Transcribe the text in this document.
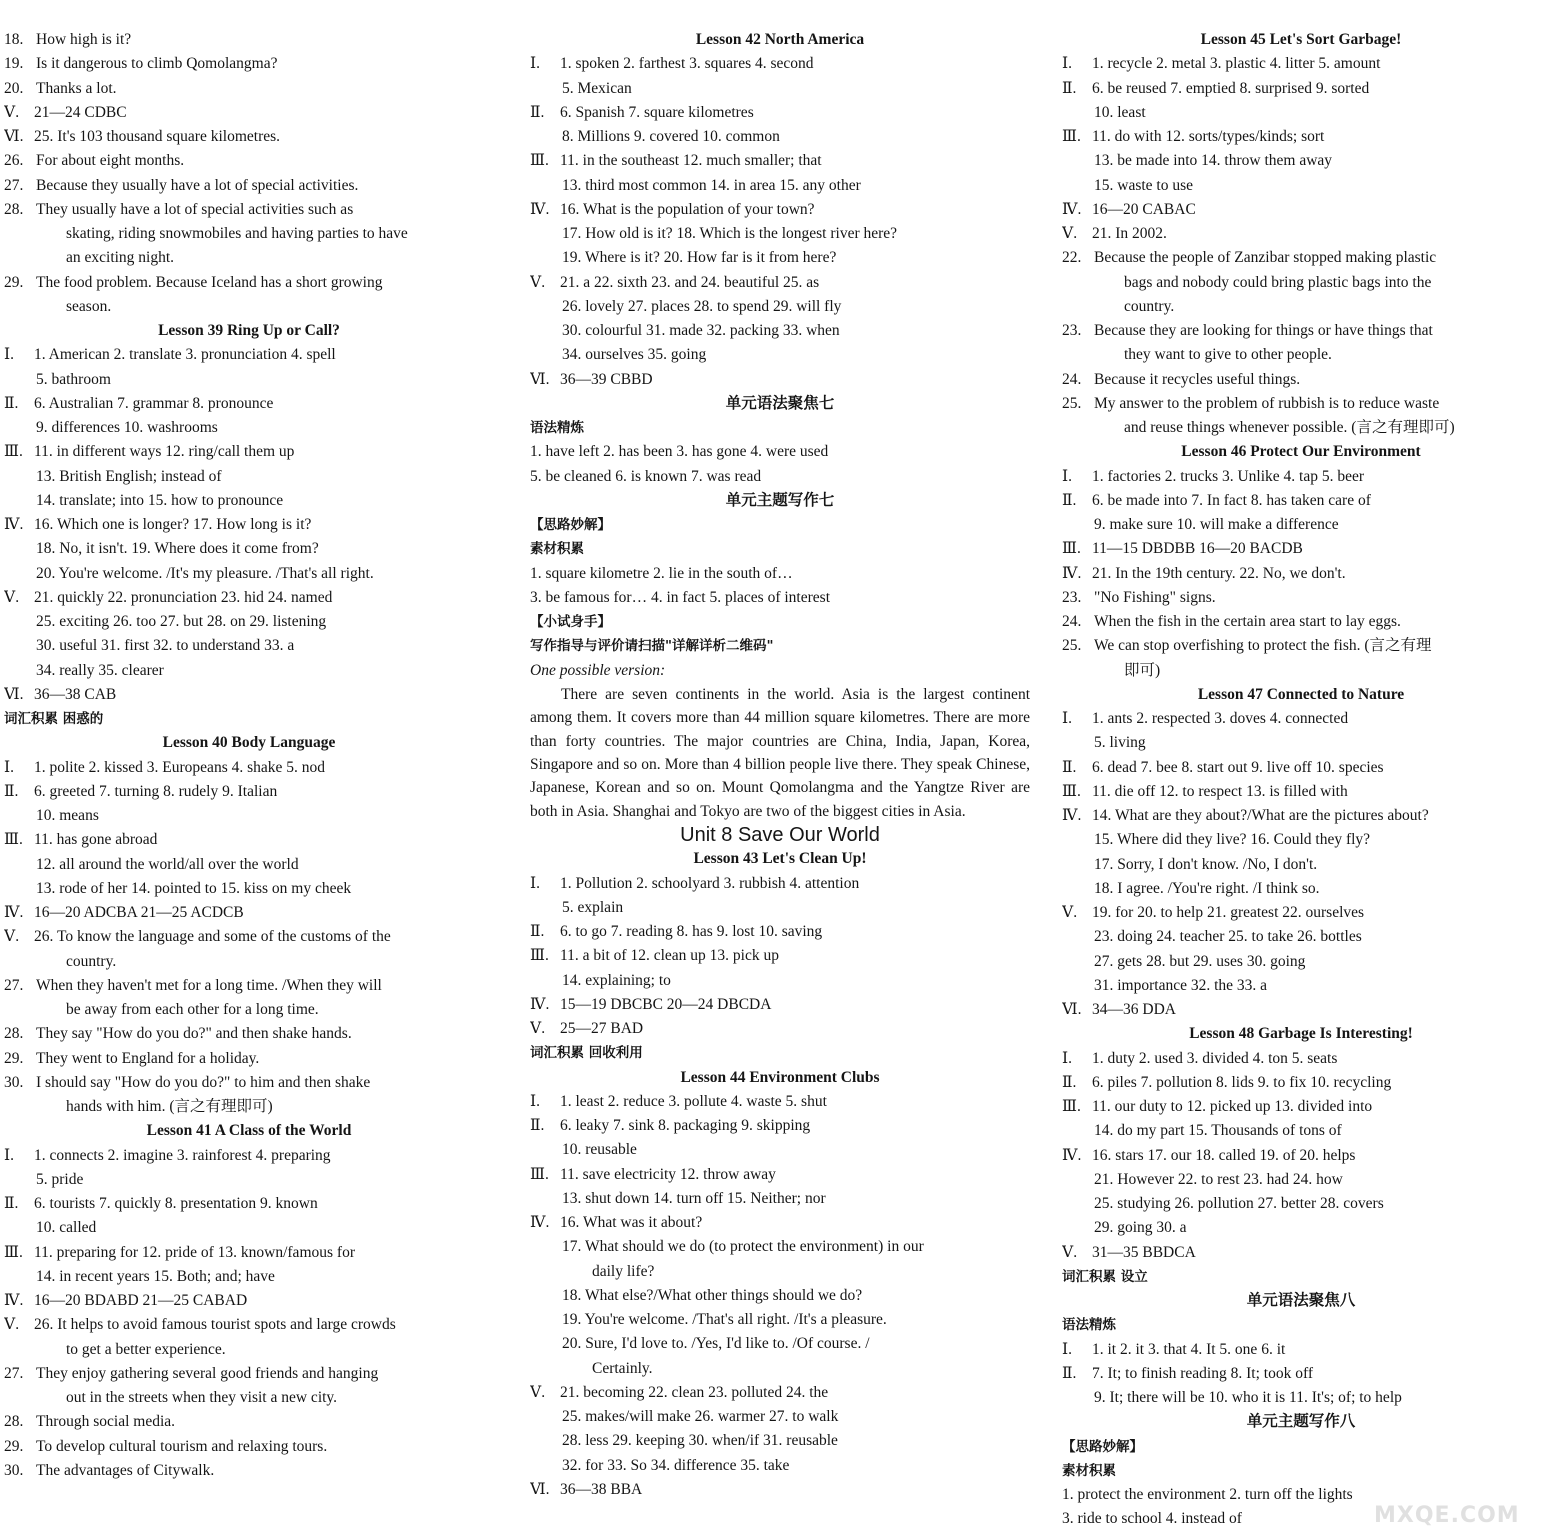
18. How high is it?
19. Is it dangerous to climb Qomolangma?
20. Thanks a lot.
Ⅴ. 21—24 CDBC
Ⅵ. 25. It's 103 thousand square kilometres.
26. For about eight months.
27. Because they usually have a lot of special activities.
28. They usually have a lot of special activities such as
skating, riding snowmobiles and having parties to have
an exciting night.
29. The food problem. Because Iceland has a short growing
season.
Lesson 39 Ring Up or Call?
Ⅰ. 1. American 2. translate 3. pronunciation 4. spell
5. bathroom
Ⅱ. 6. Australian 7. grammar 8. pronounce
9. differences 10. washrooms
Ⅲ. 11. in different ways 12. ring/call them up
13. British English; instead of
14. translate; into 15. how to pronounce
Ⅳ. 16. Which one is longer? 17. How long is it?
18. No, it isn't. 19. Where does it come from?
20. You're welcome. /It's my pleasure. /That's all right.
Ⅴ. 21. quickly 22. pronunciation 23. hid 24. named
25. exciting 26. too 27. but 28. on 29. listening
30. useful 31. first 32. to understand 33. a
34. really 35. clearer
Ⅵ. 36—38 CAB
词汇积累 困惑的
Lesson 40 Body Language
Ⅰ. 1. polite 2. kissed 3. Europeans 4. shake 5. nod
Ⅱ. 6. greeted 7. turning 8. rudely 9. Italian
10. means
Ⅲ. 11. has gone abroad
12. all around the world/all over the world
13. rode of her 14. pointed to 15. kiss on my cheek
Ⅳ. 16—20 ADCBA 21—25 ACDCB
Ⅴ. 26. To know the language and some of the customs of the
country.
27. When they haven't met for a long time. /When they will
be away from each other for a long time.
28. They say "How do you do?" and then shake hands.
29. They went to England for a holiday.
30. I should say "How do you do?" to him and then shake
hands with him. (言之有理即可)
Lesson 41 A Class of the World
Ⅰ. 1. connects 2. imagine 3. rainforest 4. preparing
5. pride
Ⅱ. 6. tourists 7. quickly 8. presentation 9. known
10. called
Ⅲ. 11. preparing for 12. pride of 13. known/famous for
14. in recent years 15. Both; and; have
Ⅳ. 16—20 BDABD 21—25 CABAD
Ⅴ. 26. It helps to avoid famous tourist spots and large crowds
to get a better experience.
27. They enjoy gathering several good friends and hanging
out in the streets when they visit a new city.
28. Through social media.
29. To develop cultural tourism and relaxing tours.
30. The advantages of Citywalk.
Lesson 42 North America
Ⅰ. 1. spoken 2. farthest 3. squares 4. second
5. Mexican
Ⅱ. 6. Spanish 7. square kilometres
8. Millions 9. covered 10. common
Ⅲ. 11. in the southeast 12. much smaller; that
13. third most common 14. in area 15. any other
Ⅳ. 16. What is the population of your town?
17. How old is it? 18. Which is the longest river here?
19. Where is it? 20. How far is it from here?
Ⅴ. 21. a 22. sixth 23. and 24. beautiful 25. as
26. lovely 27. places 28. to spend 29. will fly
30. colourful 31. made 32. packing 33. when
34. ourselves 35. going
Ⅵ. 36—39 CBBD
单元语法聚焦七
语法精炼
1. have left 2. has been 3. has gone 4. were used
5. be cleaned 6. is known 7. was read
单元主题写作七
【思路妙解】
素材积累
1. square kilometre 2. lie in the south of…
3. be famous for… 4. in fact 5. places of interest
【小试身手】
写作指导与评价请扫描"详解详析二维码"
One possible version:
There are seven continents in the world. Asia is the largest continent among them. It covers more than 44 million square kilometres. There are more than forty countries. The major countries are China, India, Japan, Korea, Singapore and so on. More than 4 billion people live there. They speak Chinese, Japanese, Korean and so on. Mount Qomolangma and the Yangtze River are both in Asia. Shanghai and Tokyo are two of the biggest cities in Asia.
Unit 8 Save Our World
Lesson 43 Let's Clean Up!
Ⅰ. 1. Pollution 2. schoolyard 3. rubbish 4. attention
5. explain
Ⅱ. 6. to go 7. reading 8. has 9. lost 10. saving
Ⅲ. 11. a bit of 12. clean up 13. pick up
14. explaining; to
Ⅳ. 15—19 DBCBC 20—24 DBCDA
Ⅴ. 25—27 BAD
词汇积累 回收利用
Lesson 44 Environment Clubs
Ⅰ. 1. least 2. reduce 3. pollute 4. waste 5. shut
Ⅱ. 6. leaky 7. sink 8. packaging 9. skipping
10. reusable
Ⅲ. 11. save electricity 12. throw away
13. shut down 14. turn off 15. Neither; nor
Ⅳ. 16. What was it about?
17. What should we do (to protect the environment) in our
daily life?
18. What else?/What other things should we do?
19. You're welcome. /That's all right. /It's a pleasure.
20. Sure, I'd love to. /Yes, I'd like to. /Of course. /
Certainly.
Ⅴ. 21. becoming 22. clean 23. polluted 24. the
25. makes/will make 26. warmer 27. to walk
28. less 29. keeping 30. when/if 31. reusable
32. for 33. So 34. difference 35. take
Ⅵ. 36—38 BBA
Lesson 45 Let's Sort Garbage!
Ⅰ. 1. recycle 2. metal 3. plastic 4. litter 5. amount
Ⅱ. 6. be reused 7. emptied 8. surprised 9. sorted
10. least
Ⅲ. 11. do with 12. sorts/types/kinds; sort
13. be made into 14. throw them away
15. waste to use
Ⅳ. 16—20 CABAC
Ⅴ. 21. In 2002.
22. Because the people of Zanzibar stopped making plastic
bags and nobody could bring plastic bags into the
country.
23. Because they are looking for things or have things that
they want to give to other people.
24. Because it recycles useful things.
25. My answer to the problem of rubbish is to reduce waste
and reuse things whenever possible. (言之有理即可)
Lesson 46 Protect Our Environment
Ⅰ. 1. factories 2. trucks 3. Unlike 4. tap 5. beer
Ⅱ. 6. be made into 7. In fact 8. has taken care of
9. make sure 10. will make a difference
Ⅲ. 11—15 DBDBB 16—20 BACDB
Ⅳ. 21. In the 19th century. 22. No, we don't.
23. "No Fishing" signs.
24. When the fish in the certain area start to lay eggs.
25. We can stop overfishing to protect the fish. (言之有理
即可)
Lesson 47 Connected to Nature
Ⅰ. 1. ants 2. respected 3. doves 4. connected
5. living
Ⅱ. 6. dead 7. bee 8. start out 9. live off 10. species
Ⅲ. 11. die off 12. to respect 13. is filled with
Ⅳ. 14. What are they about?/What are the pictures about?
15. Where did they live? 16. Could they fly?
17. Sorry, I don't know. /No, I don't.
18. I agree. /You're right. /I think so.
Ⅴ. 19. for 20. to help 21. greatest 22. ourselves
23. doing 24. teacher 25. to take 26. bottles
27. gets 28. but 29. uses 30. going
31. importance 32. the 33. a
Ⅵ. 34—36 DDA
Lesson 48 Garbage Is Interesting!
Ⅰ. 1. duty 2. used 3. divided 4. ton 5. seats
Ⅱ. 6. piles 7. pollution 8. lids 9. to fix 10. recycling
Ⅲ. 11. our duty to 12. picked up 13. divided into
14. do my part 15. Thousands of tons of
Ⅳ. 16. stars 17. our 18. called 19. of 20. helps
21. However 22. to rest 23. had 24. how
25. studying 26. pollution 27. better 28. covers
29. going 30. a
Ⅴ. 31—35 BBDCA
词汇积累 设立
单元语法聚焦八
语法精炼
Ⅰ. 1. it 2. it 3. that 4. It 5. one 6. it
Ⅱ. 7. It; to finish reading 8. It; took off
9. It; there will be 10. who it is 11. It's; of; to help
单元主题写作八
【思路妙解】
素材积累
1. protect the environment 2. turn off the lights
3. ride to school 4. instead of	MXQE.COM
